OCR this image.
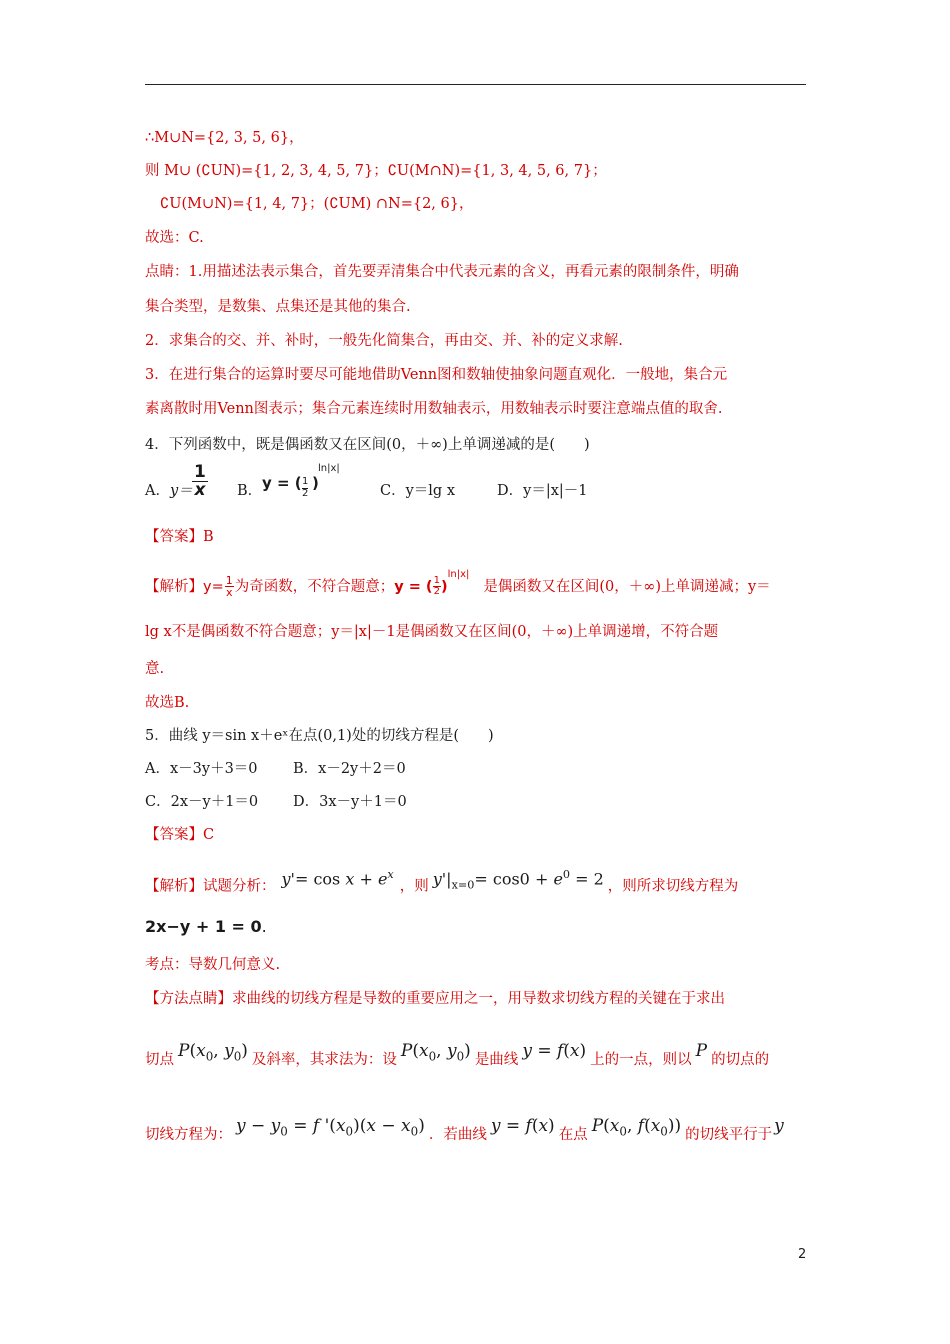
∴M∪N={2, 3, 5, 6}，
则 M∪ (∁UN)={1, 2, 3, 4, 5, 7}；∁U(M∩N)={1, 3, 4, 5, 6, 7}；
∁U(M∪N)={1, 4, 7}；(∁UM) ∩N={2, 6}，
故选：C.
点睛：1.用描述法表示集合，首先要弄清集合中代表元素的含义，再看元素的限制条件，明确
集合类型，是数集、点集还是其他的集合.
2．求集合的交、并、补时，一般先化简集合，再由交、并、补的定义求解.
3．在进行集合的运算时要尽可能地借助Venn图和数轴使抽象问题直观化．一般地，集合元
素离散时用Venn图表示；集合元素连续时用数轴表示，用数轴表示时要注意端点值的取舍.
4．下列函数中，既是偶函数又在区间(0，＋∞)上单调递减的是(　　)
A．y＝
1
x B． y = ( 1
2
)
ln|x|
C．y＝lg x	D．y＝|x|－1
【答案】B
【解析】$y= \frac{1}{x}$ 为奇函数，不符合题意；y = ( $\frac{1}{2} )^{ln|x|}$是偶函数又在区间(0，＋∞)上单调递减；y＝
lg x不是偶函数不符合题意；y＝|x|－1是偶函数又在区间(0，＋∞)上单调递增，不符合题
意.
故选B.
5．曲线 y＝sin x＋eˣ在点(0,1)处的切线方程是(　　)
A．x－3y＋3＝0 B．x－2y＋2＝0
C．2x－y＋1＝0 D．3x－y＋1＝0
【答案】C
【解析】试题分析： $y'= \cos x + e^x$，则 $y'|_{x=0}= \cos 0 + e^0 = 2$ ，则所求切线方程为
2x−y + 1 = 0.
考点：导数几何意义.
【方法点睛】求曲线的切线方程是导数的重要应用之一，用导数求切线方程的关键在于求出
切点 $P(x_0$, $y_0$) 及斜率，其求法为：设 $P(x_0$, $y_0$) 是曲线 y = f(x) 上的一点，则以 P 的切点的
切线方程为： $y - y_0 = f$ '$(x_0)(x - x_0)$ ．若曲线 y = f(x) 在点 $P(x_0$, $f(x_0)$) 的切线平行于 y
2
